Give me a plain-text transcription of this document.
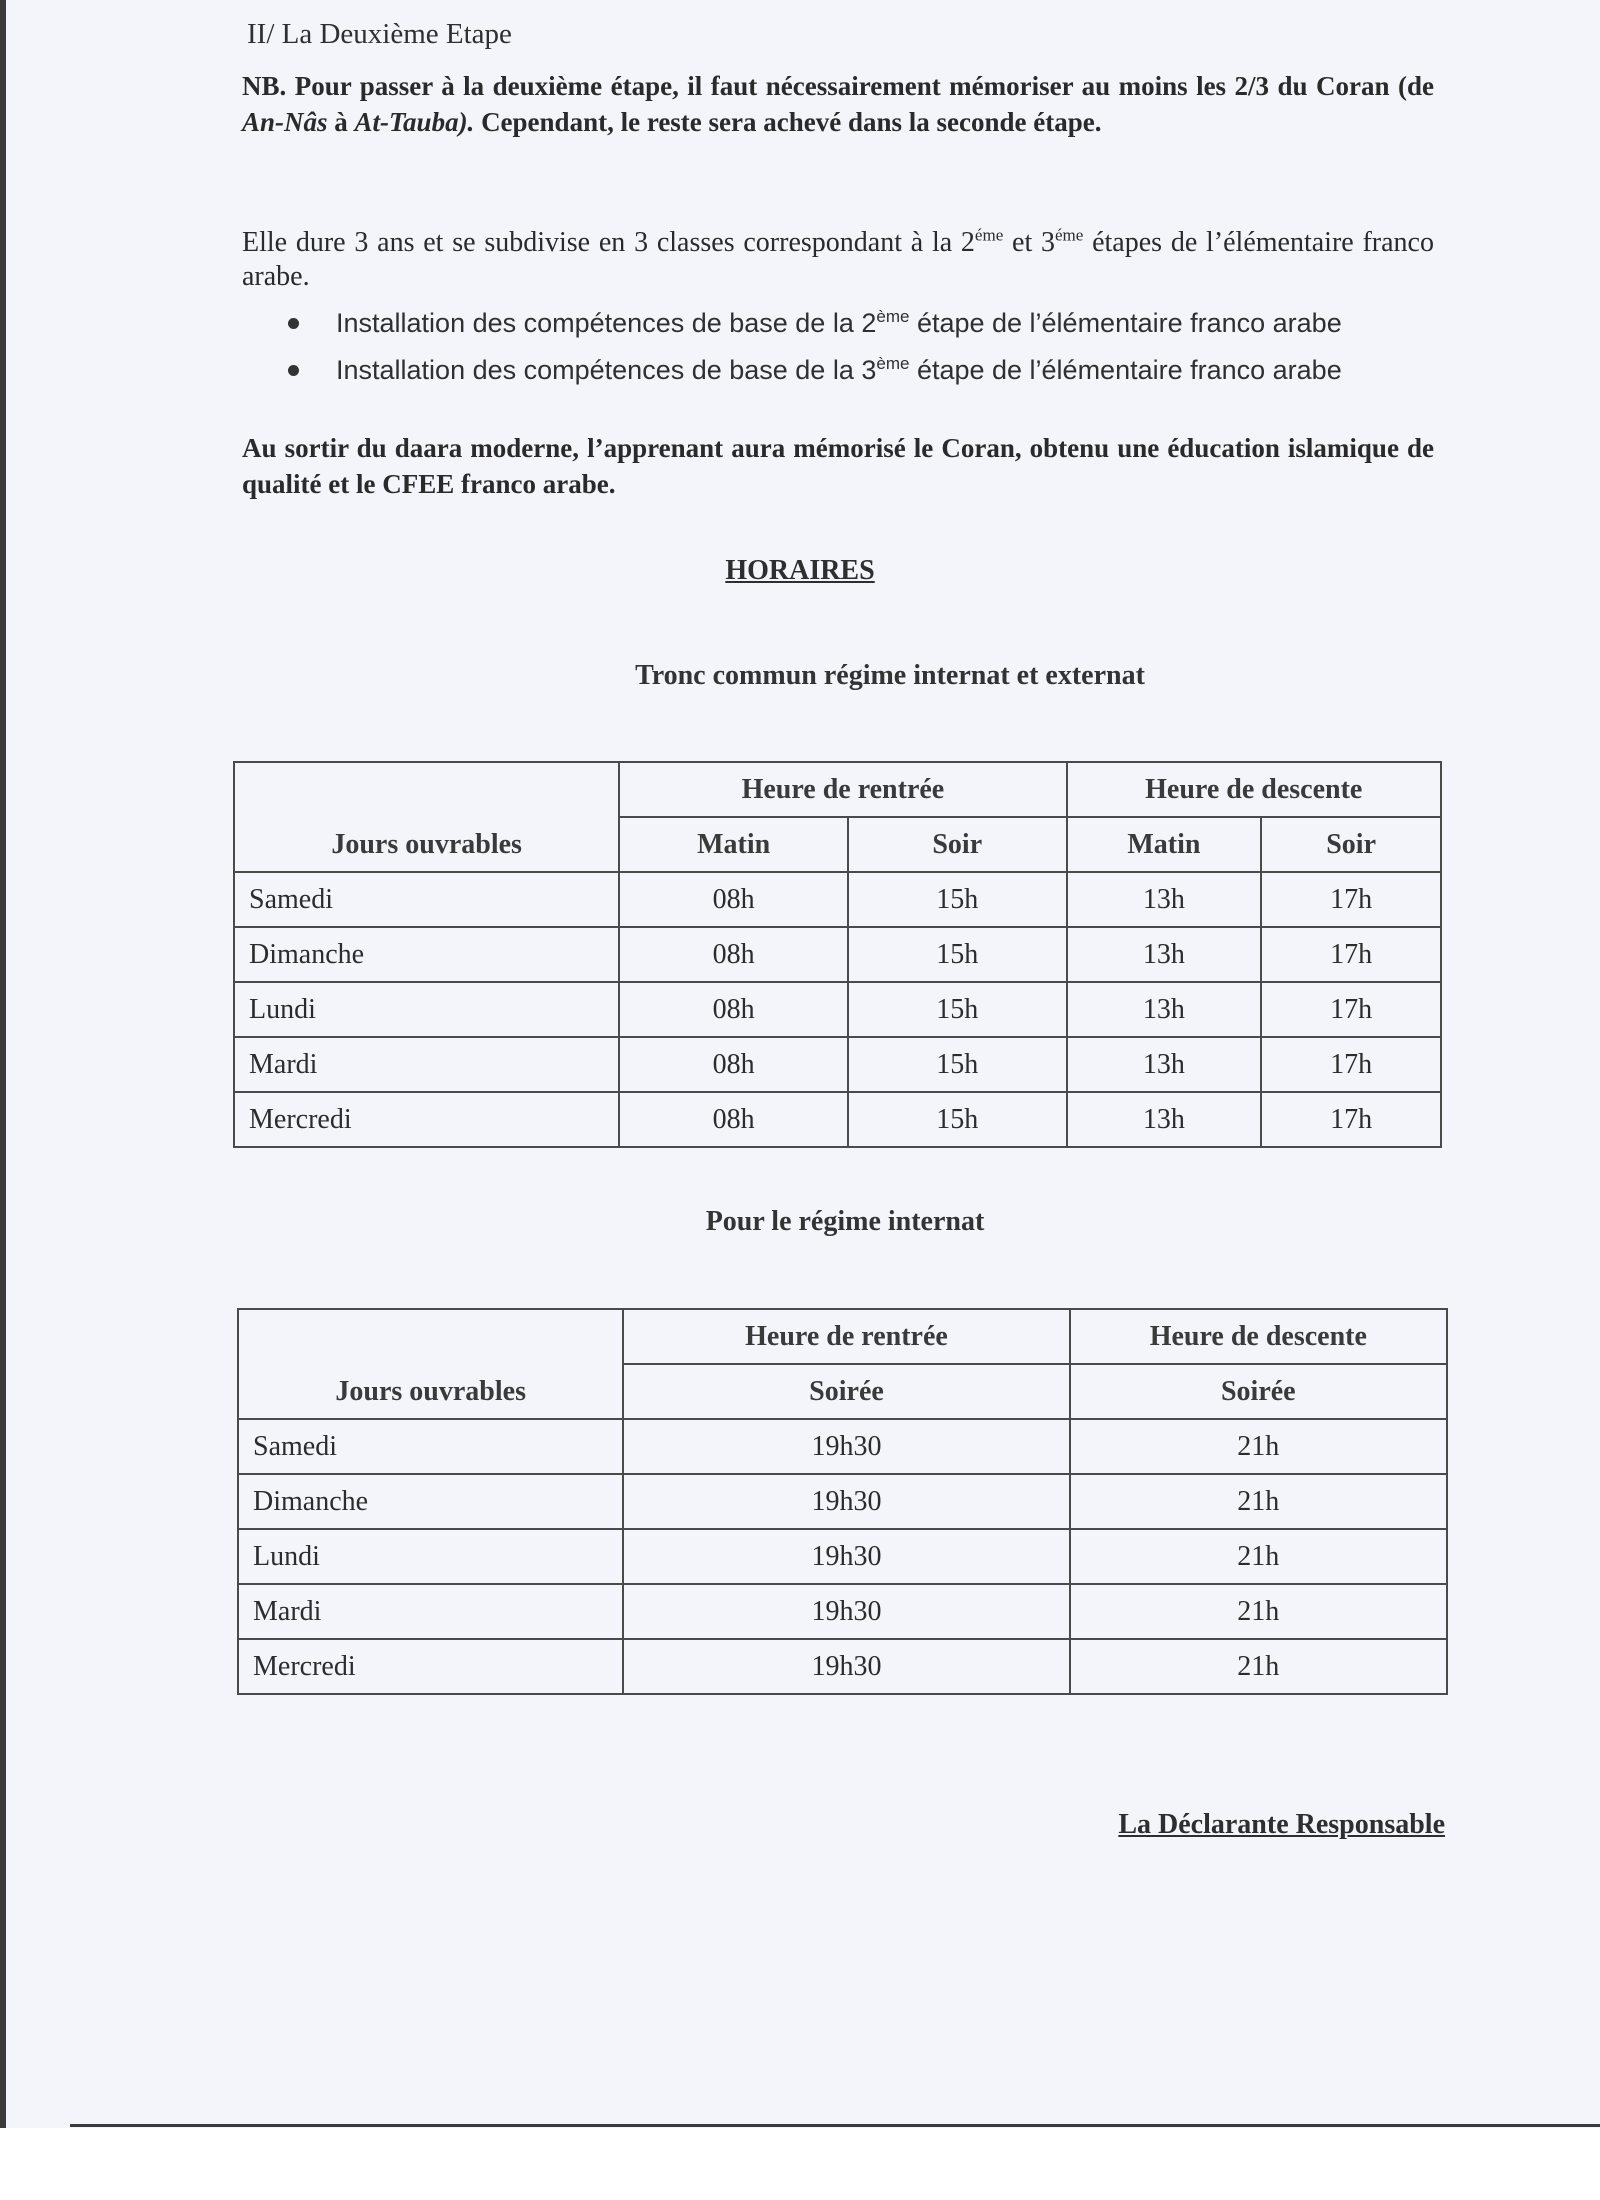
II/ La Deuxième Etape
NB. Pour passer à la deuxième étape, il faut nécessairement mémoriser au moins les 2/3 du Coran (de An-Nâs à At-Tauba). Cependant, le reste sera achevé dans la seconde étape.
Elle dure 3 ans et se subdivise en 3 classes correspondant à la $2^{éme}$ et $3^{éme}$ étapes de l’élémentaire franco arabe.
Installation des compétences de base de la 2ème étape de l’élémentaire franco arabe
Installation des compétences de base de la 3ème étape de l’élémentaire franco arabe
Au sortir du daara moderne, l’apprenant aura mémorisé le Coran, obtenu une éducation islamique de qualité et le CFEE franco arabe.
HORAIRES
Tronc commun régime internat et externat
Jours ouvrables	Heure de rentrée		Heure de descente	
	Matin	Soir	Matin	Soir
Samedi	08h	15h	13h	17h
Dimanche	08h	15h	13h	17h
Lundi	08h	15h	13h	17h
Mardi	08h	15h	13h	17h
Mercredi	08h	15h	13h	17h
Pour le régime internat
Jours ouvrables	Heure de rentrée	Heure de descente
	Soirée	Soirée
Samedi	19h30	21h
Dimanche	19h30	21h
Lundi	19h30	21h
Mardi	19h30	21h
Mercredi	19h30	21h
La Déclarante Responsable
